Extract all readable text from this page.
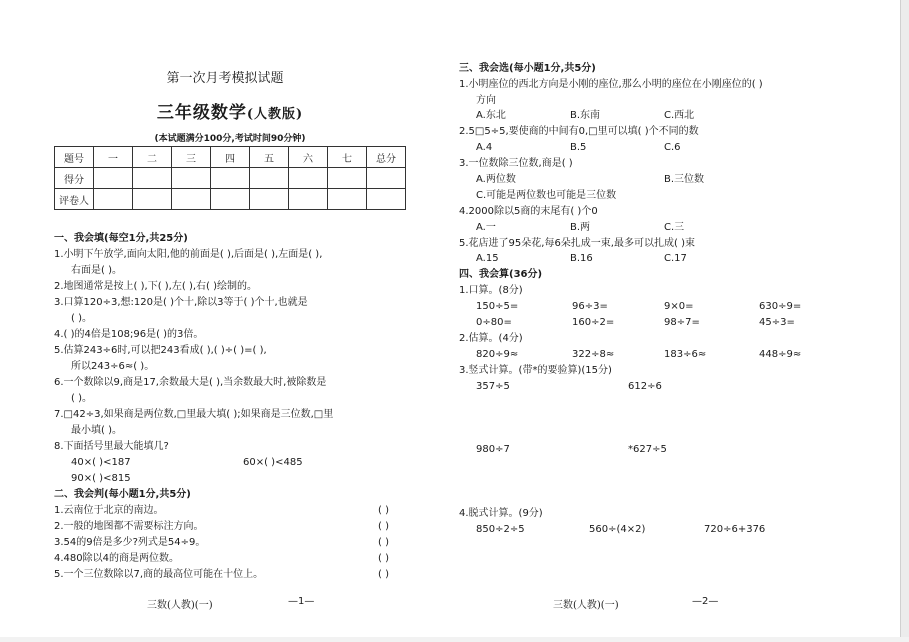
第一次月考模拟试题
三年级数学(人教版)
(本试题满分100分,考试时间90分钟)
题号	一	二	三	四	五	六	七	总分
得分								
评卷人								
一、我会填(每空1分,共25分)
1.小明下午放学,面向太阳,他的前面是( ),后面是( ),左面是( ),
右面是( )。
2.地图通常是按上( ),下( ),左( ),右( )绘制的。
3.口算120÷3,想:120是( )个十,除以3等于( )个十,也就是
( )。
4.( )的4倍是108;96是( )的3倍。
5.估算243÷6时,可以把243看成( ),( )÷( )=( ),
所以243÷6≈( )。
6.一个数除以9,商是17,余数最大是( ),当余数最大时,被除数是
( )。
7.□42÷3,如果商是两位数,□里最大填( );如果商是三位数,□里
最小填( )。
8.下面括号里最大能填几?
40×( )<187	60×( )<485
90×( )<815
二、我会判(每小题1分,共5分)
1.云南位于北京的南边。	( )
2.一般的地图都不需要标注方向。	( )
3.54的9倍是多少?列式是54÷9。	( )
4.480除以4的商是两位数。	( )
5.一个三位数除以7,商的最高位可能在十位上。	( )
三、我会选(每小题1分,共5分)
1.小明座位的西北方向是小刚的座位,那么小明的座位在小刚座位的( )
方向
A.东北	B.东南	C.西北
2.5□5÷5,要使商的中间有0,□里可以填( )个不同的数
A.4	B.5	C.6
3.一位数除三位数,商是( )
A.两位数	B.三位数
C.可能是两位数也可能是三位数
4.2000除以5商的末尾有( )个0
A.一	B.两	C.三
5.花店进了95朵花,每6朵扎成一束,最多可以扎成( )束
A.15	B.16	C.17
四、我会算(36分)
1.口算。(8分)
150÷5=	96÷3=	9×0=	630÷9=
0÷80=	160÷2=	98÷7=	45÷3=
2.估算。(4分)
820÷9≈	322÷8≈	183÷6≈	448÷9≈
3.竖式计算。(带*的要验算)(15分)
357÷5	612÷6
980÷7	*627÷5
4.脱式计算。(9分)
850÷2÷5	560÷(4×2)	720÷6+376
三数(人教)(一)	—1—	三数(人教)(一)	—2—
